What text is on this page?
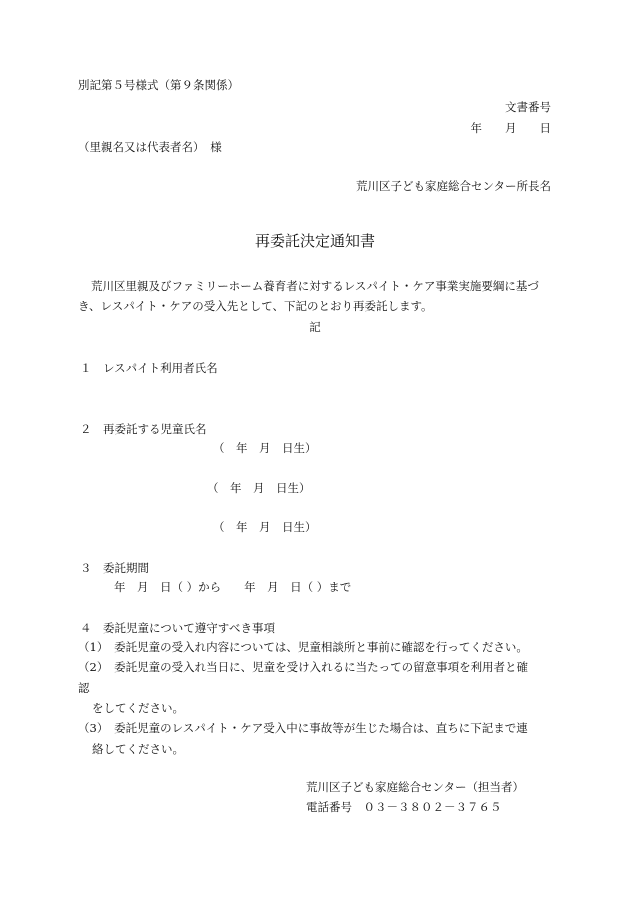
別記第５号様式（第９条関係）
文書番号
年　　月　　日
（里親名又は代表者名）　様
荒川区子ども家庭総合センター所長名
再委託決定通知書
荒川区里親及びファミリーホーム養育者に対するレスパイト・ケア事業実施要綱に基づ
き、レスパイト・ケアの受入先として、下記のとおり再委託します。
記
１　レスパイト利用者氏名
２　再委託する児童氏名
（　年　月　日生）
（　年　月　日生）
（　年　月　日生）
３　委託期間
年　月　日（ ）から　　年　月　日（ ）まで
４　委託児童について遵守すべき事項
（1）　委託児童の受入れ内容については、児童相談所と事前に確認を行ってください。
（2）　委託児童の受入れ当日に、児童を受け入れるに当たっての留意事項を利用者と確
認
をしてください。
（3）　委託児童のレスパイト・ケア受入中に事故等が生じた場合は、直ちに下記まで連
絡してください。
荒川区子ども家庭総合センター（担当者）
電話番号　０３－３８０２－３７６５
